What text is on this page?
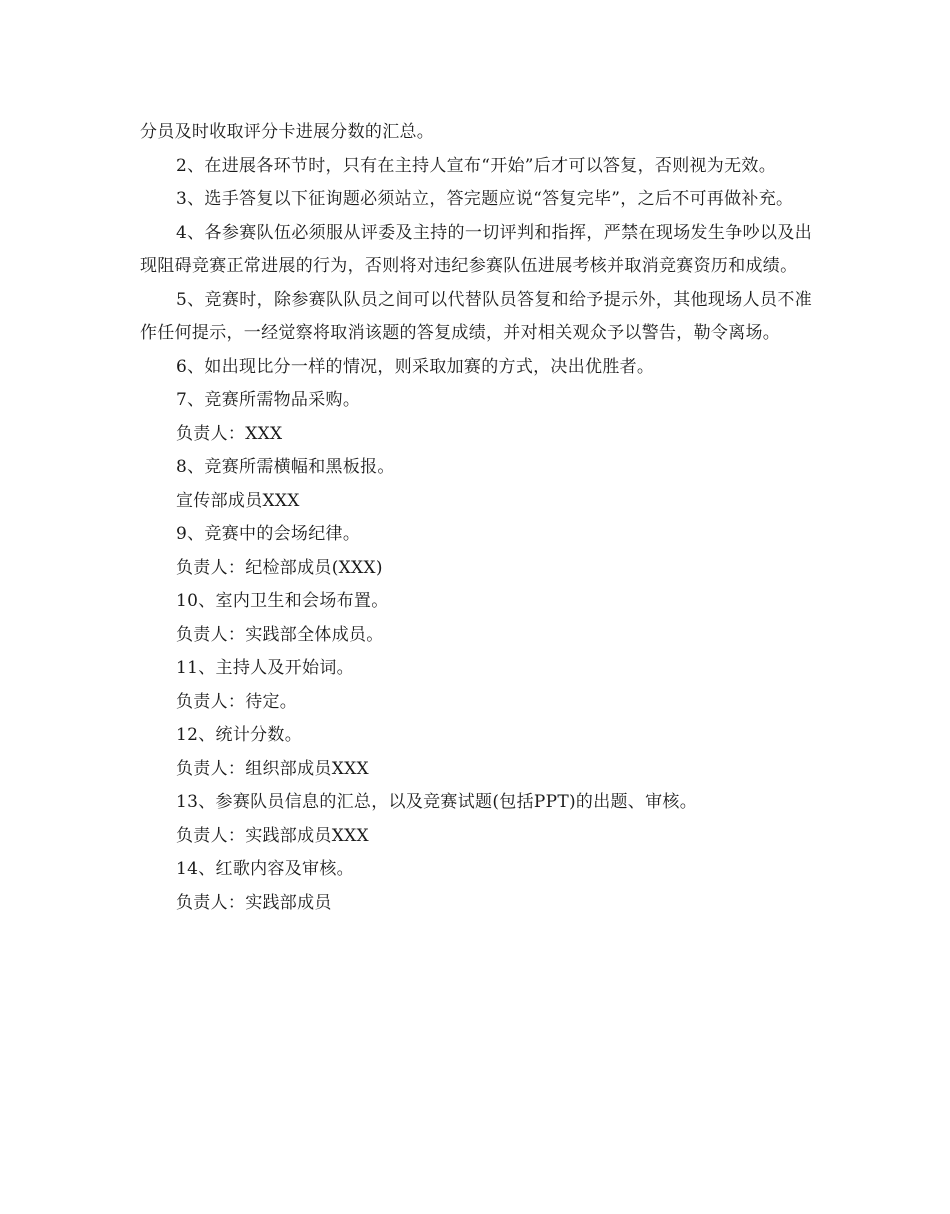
分员及时收取评分卡进展分数的汇总。

2、在进展各环节时，只有在主持人宣布“开始”后才可以答复，否则视为无效。

3、选手答复以下征询题必须站立，答完题应说“答复完毕”，之后不可再做补充。

4、各参赛队伍必须服从评委及主持的一切评判和指挥，严禁在现场发生争吵以及出现阻碍竞赛正常进展的行为，否则将对违纪参赛队伍进展考核并取消竞赛资历和成绩。

5、竞赛时，除参赛队队员之间可以代替队员答复和给予提示外，其他现场人员不准作任何提示，一经觉察将取消该题的答复成绩，并对相关观众予以警告，勒令离场。

6、如出现比分一样的情况，则采取加赛的方式，决出优胜者。

7、竞赛所需物品采购。

负责人：XXX

8、竞赛所需横幅和黑板报。

宣传部成员XXX

9、竞赛中的会场纪律。

负责人：纪检部成员(XXX)

10、室内卫生和会场布置。

负责人：实践部全体成员。

11、主持人及开始词。

负责人：待定。

12、统计分数。

负责人：组织部成员XXX

13、参赛队员信息的汇总，以及竞赛试题(包括PPT)的出题、审核。

负责人：实践部成员XXX

14、红歌内容及审核。

负责人：实践部成员
